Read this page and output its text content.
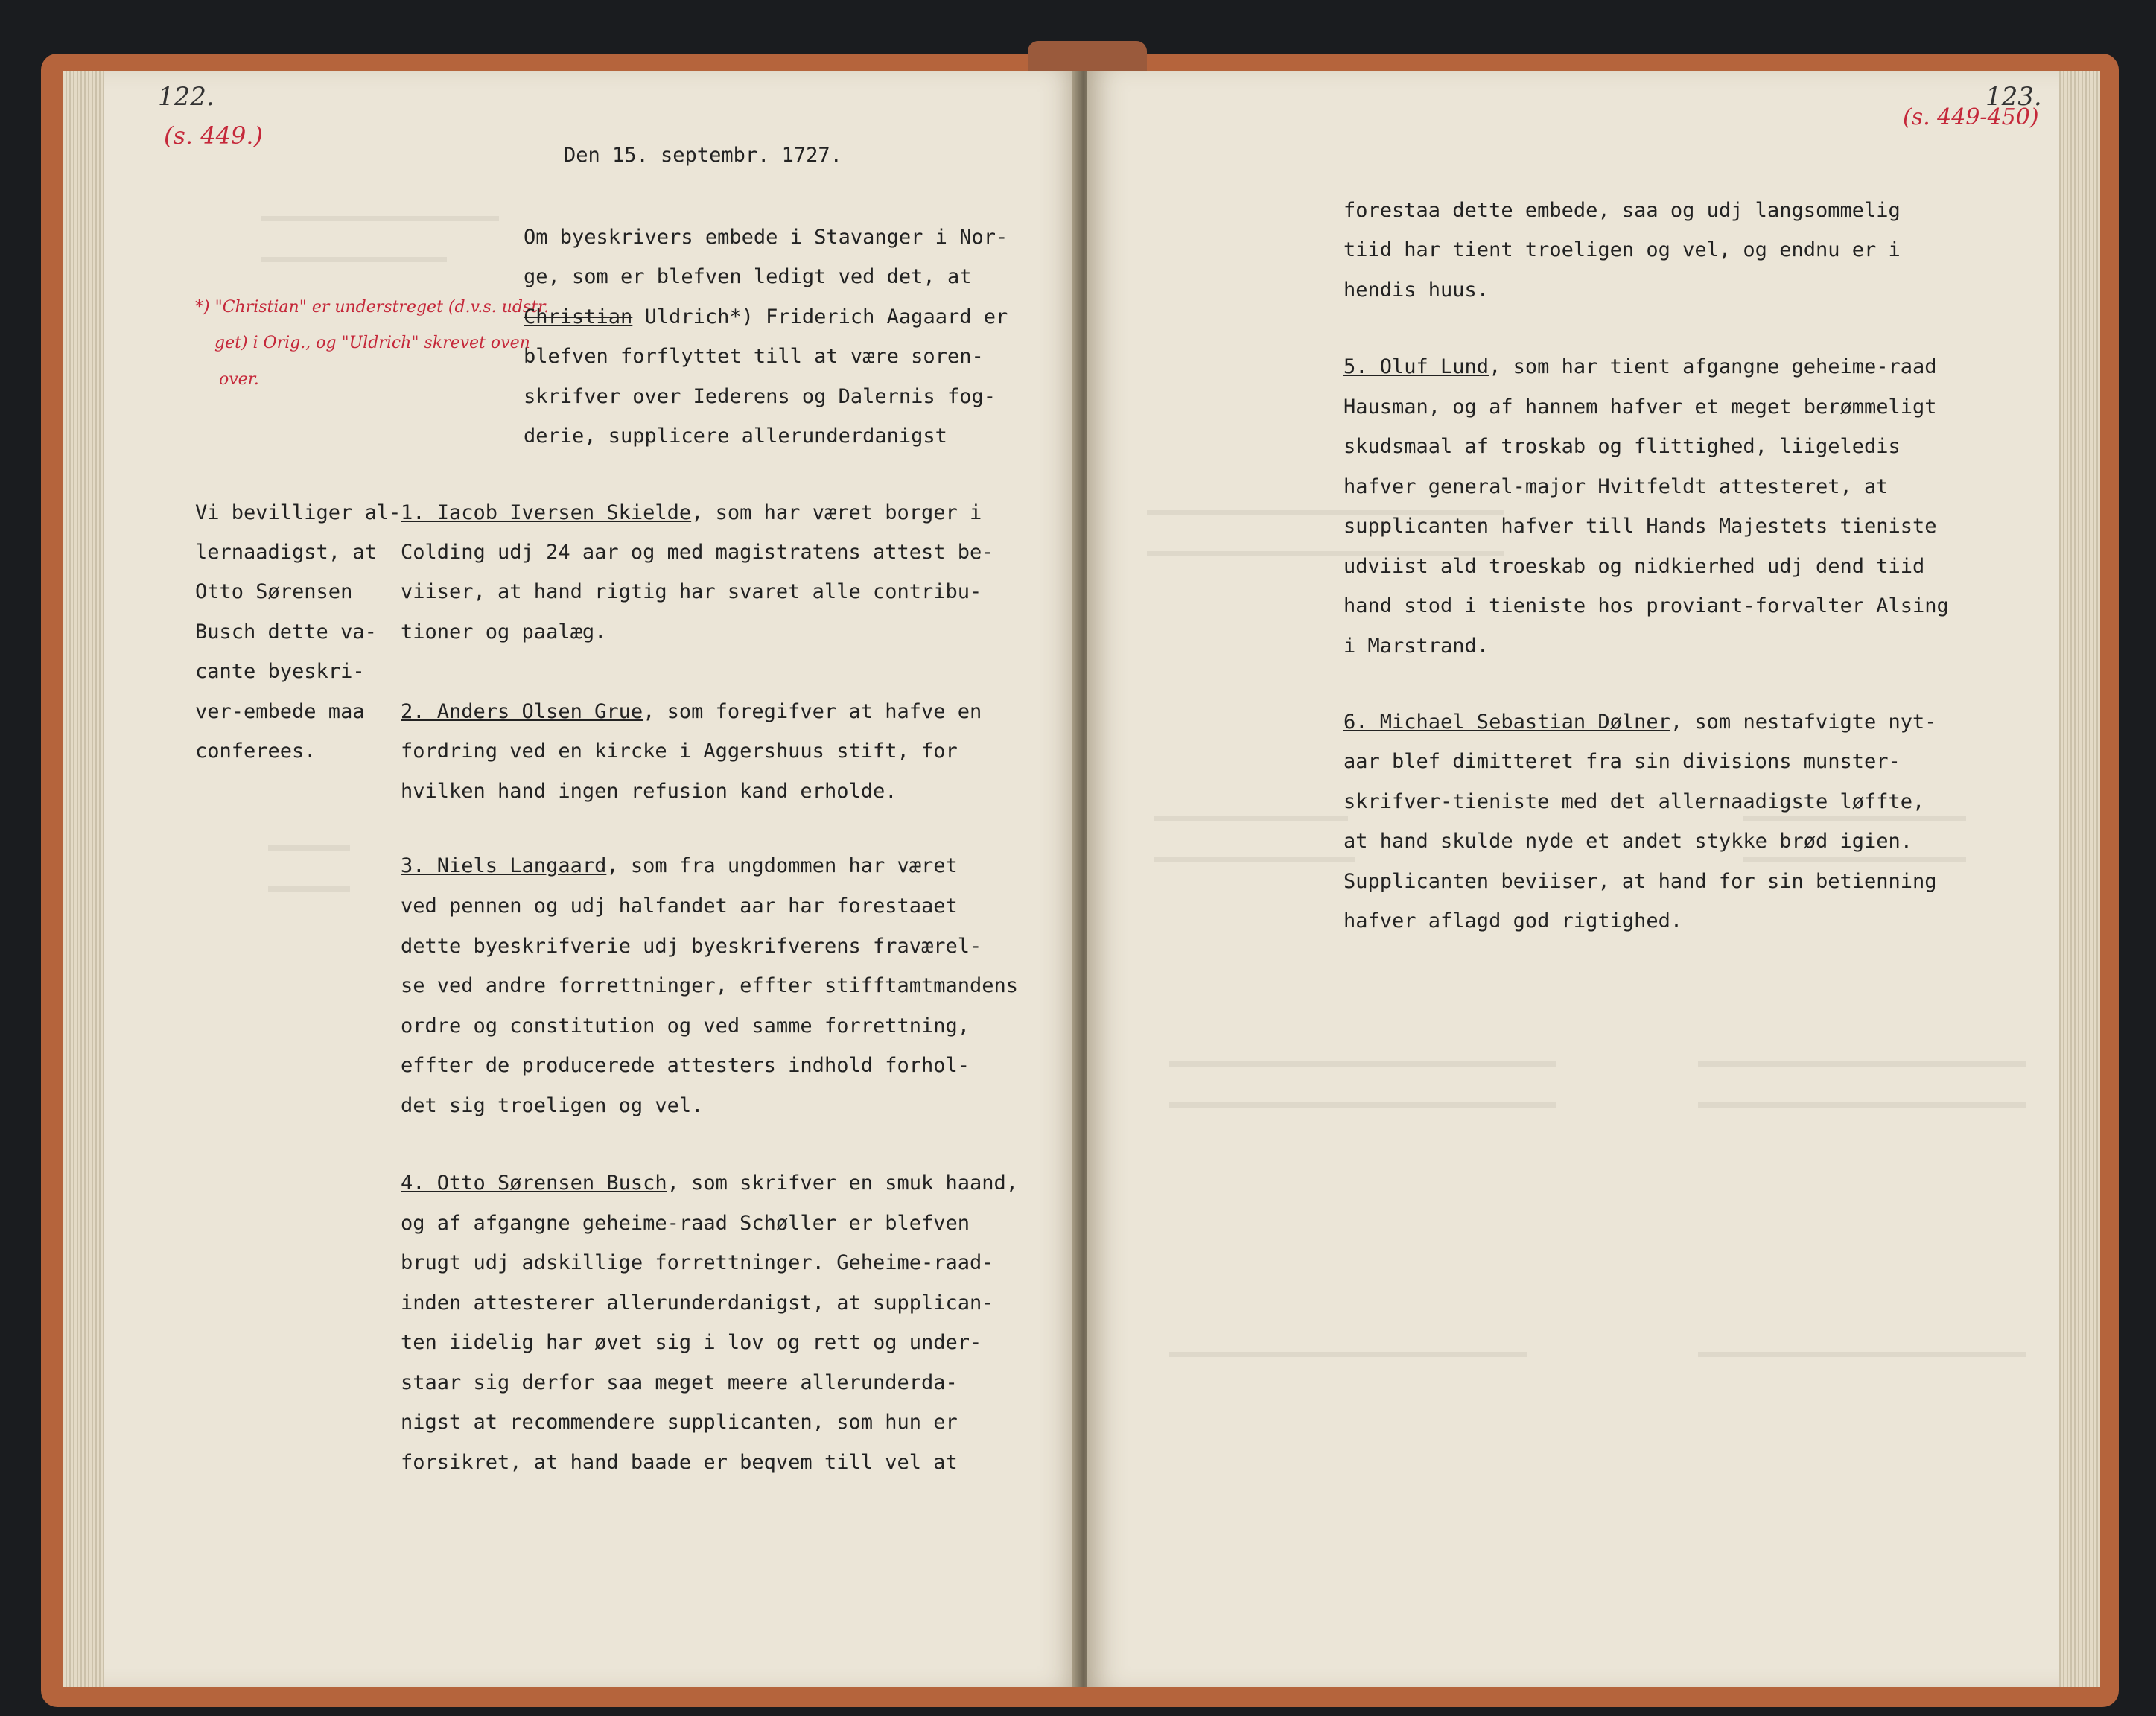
122.

(s. 449.)

Den 15. septembr. 1727.

*) "Christian" er understreget (d.v.s. udstr.

get) i Orig., og "Uldrich" skrevet oven

over.

Om byeskrivers embede i Stavanger i Nor-

ge, som er blefven ledigt ved det, at

Christian Uldrich*) Friderich Aagaard er

blefven forflyttet till at være soren-

skrifver over Iederens og Dalernis fog-

derie, supplicere allerunderdanigst

Vi bevilliger al-

lernaadigst, at

Otto Sørensen

Busch dette va-

cante byeskri-

ver-embede maa

conferees.

1. Iacob Iversen Skielde, som har været borger i

Colding udj 24 aar og med magistratens attest be-

viiser, at hand rigtig har svaret alle contribu-

tioner og paalæg.

2. Anders Olsen Grue, som foregifver at hafve en

fordring ved en kircke i Aggershuus stift, for

hvilken hand ingen refusion kand erholde.

3. Niels Langaard, som fra ungdommen har været

ved pennen og udj halfandet aar har forestaaet

dette byeskrifverie udj byeskrifverens fraværel-

se ved andre forrettninger, effter stifftamtmandens

ordre og constitution og ved samme forrettning,

effter de producerede attesters indhold forhol-

det sig troeligen og vel.

4. Otto Sørensen Busch, som skrifver en smuk haand,

og af afgangne geheime-raad Schøller er blefven

brugt udj adskillige forrettninger. Geheime-raad-

inden attesterer allerunderdanigst, at supplican-

ten iidelig har øvet sig i lov og rett og under-

staar sig derfor saa meget meere allerunderda-

nigst at recommendere supplicanten, som hun er

forsikret, at hand baade er beqvem till vel at

123.

(s. 449-450)

forestaa dette embede, saa og udj langsommelig

tiid har tient troeligen og vel, og endnu er i

hendis huus.

5. Oluf Lund, som har tient afgangne geheime-raad

Hausman, og af hannem hafver et meget berømmeligt

skudsmaal af troskab og flittighed, liigeledis

hafver general-major Hvitfeldt attesteret, at

supplicanten hafver till Hands Majestets tieniste

udviist ald troeskab og nidkierhed udj dend tiid

hand stod i tieniste hos proviant-forvalter Alsing

i Marstrand.

6. Michael Sebastian Dølner, som nestafvigte nyt-

aar blef dimitteret fra sin divisions munster-

skrifver-tieniste med det allernaadigste løffte,

at hand skulde nyde et andet stykke brød igien.

Supplicanten beviiser, at hand for sin betienning

hafver aflagd god rigtighed.
